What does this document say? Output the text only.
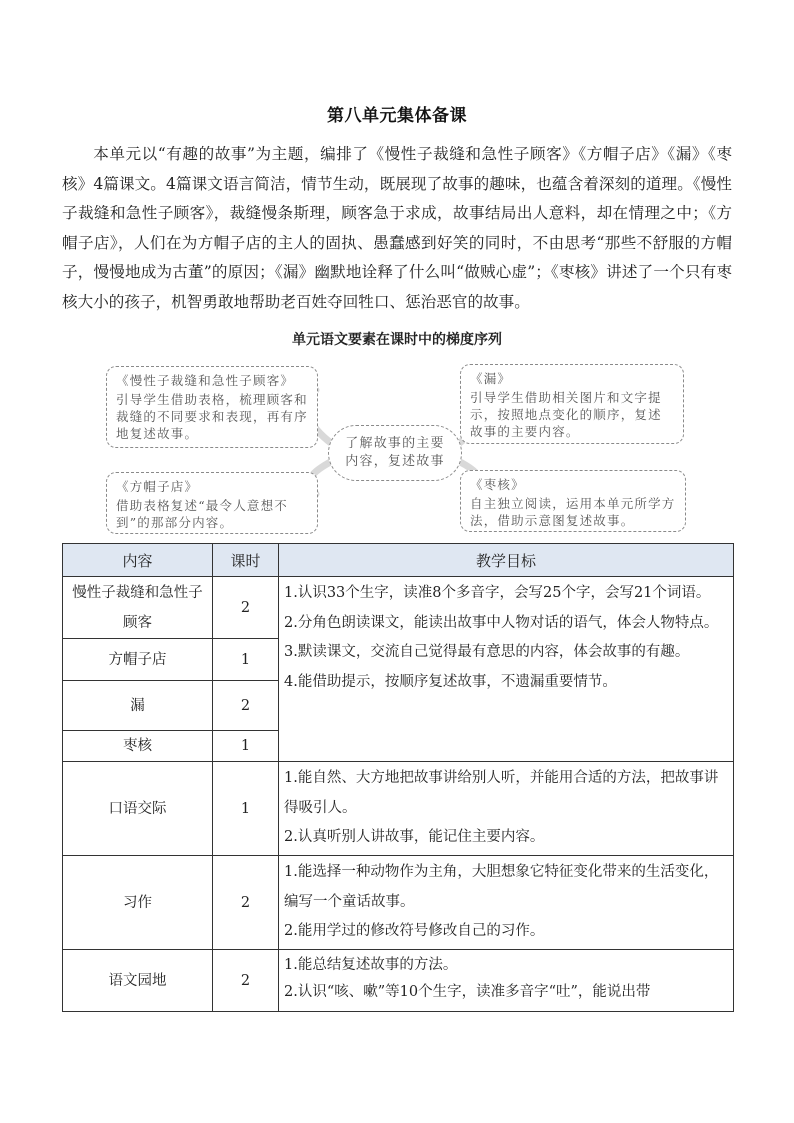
第八单元集体备课
本单元以“有趣的故事”为主题，编排了《慢性子裁缝和急性子顾客》《方帽子店》《漏》《枣核》4篇课文。4篇课文语言简洁，情节生动，既展现了故事的趣味，也蕴含着深刻的道理。《慢性子裁缝和急性子顾客》，裁缝慢条斯理，顾客急于求成，故事结局出人意料，却在情理之中；《方帽子店》，人们在为方帽子店的主人的固执、愚蠢感到好笑的同时，不由思考“那些不舒服的方帽子，慢慢地成为古董”的原因；《漏》幽默地诠释了什么叫“做贼心虚”；《枣核》讲述了一个只有枣核大小的孩子，机智勇敢地帮助老百姓夺回牲口、惩治恶官的故事。
单元语文要素在课时中的梯度序列
《慢性子裁缝和急性子顾客》
引导学生借助表格，梳理顾客和裁缝的不同要求和表现，再有序地复述故事。
《方帽子店》
借助表格复述“最令人意想不到”的那部分内容。
了解故事的主要内容，复述故事
《漏》
引导学生借助相关图片和文字提示，按照地点变化的顺序，复述故事的主要内容。
《枣核》
自主独立阅读，运用本单元所学方法，借助示意图复述故事。
内容	课时	教学目标
慢性子裁缝和急性子顾客	2	1.认识33个生字，读准8个多音字，会写25个字，会写21个词语。
2.分角色朗读课文，能读出故事中人物对话的语气，体会人物特点。
3.默读课文，交流自己觉得最有意思的内容，体会故事的有趣。
4.能借助提示，按顺序复述故事，不遗漏重要情节。

方帽子店	1	
漏	2	
枣核	1	
口语交际	1	1.能自然、大方地把故事讲给别人听，并能用合适的方法，把故事讲得吸引人。
2.认真听别人讲故事，能记住主要内容。

习作	2	1.能选择一种动物作为主角，大胆想象它特征变化带来的生活变化，编写一个童话故事。
2.能用学过的修改符号修改自己的习作。

语文园地	2	1.能总结复述故事的方法。
2.认识“咳、嗽”等10个生字，读准多音字“吐”，能说出带
